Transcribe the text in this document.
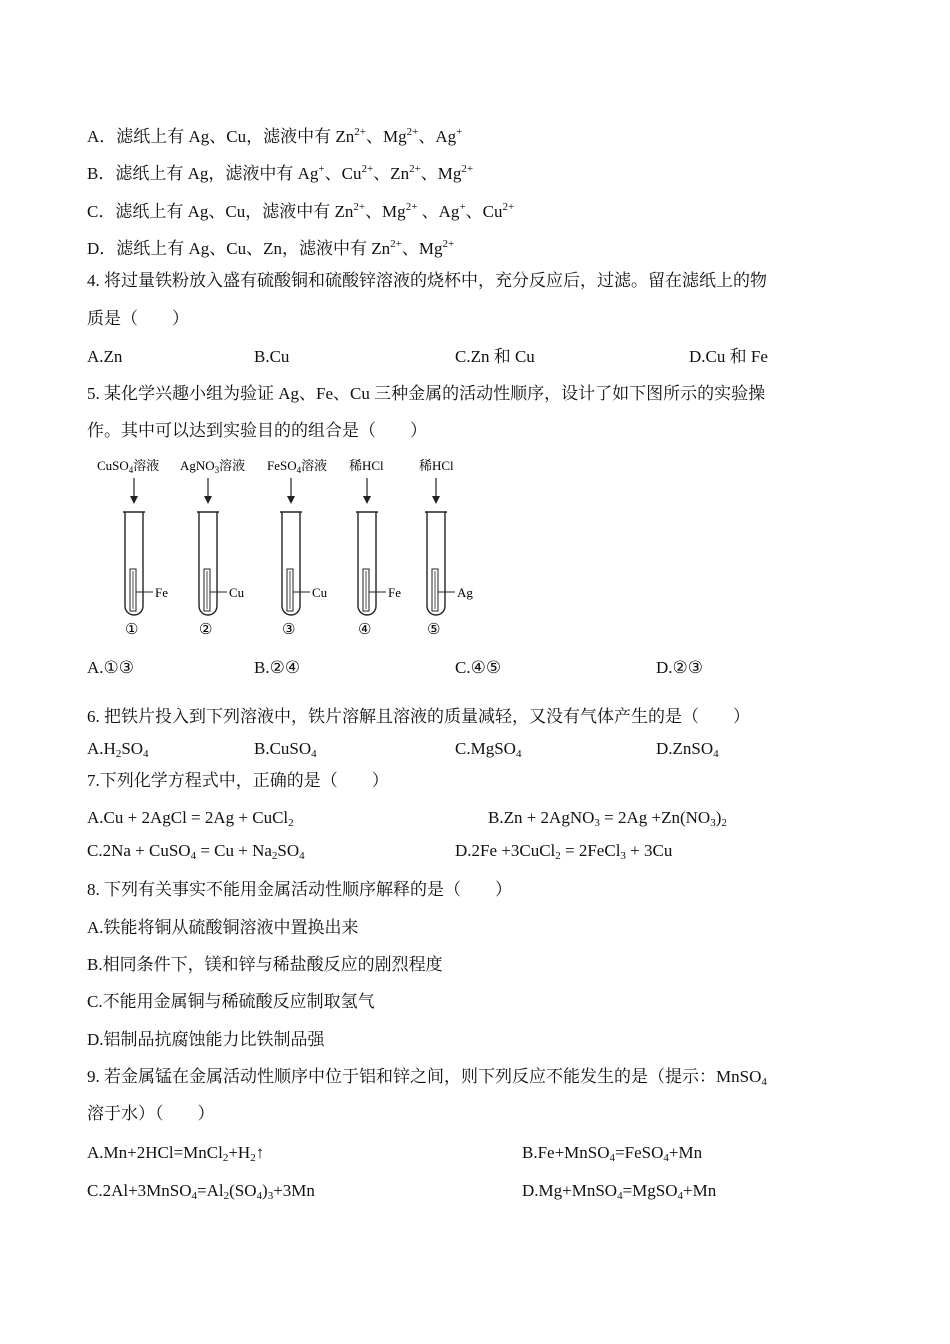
A．滤纸上有 Ag、Cu，滤液中有 $Zn^{2+}$、$Mg^{2+}$、Ag+
B．滤纸上有 Ag，滤液中有 Ag+、$Cu^{2+}$、$Zn^{2+}$、$Mg^{2+}$
C．滤纸上有 Ag、Cu，滤液中有 $Zn^{2+}$、$Mg^{2+}$ 、Ag+、$Cu^{2+}$
D．滤纸上有 Ag、Cu、Zn，滤液中有 $Zn^{2+}$、$Mg^{2+}$
4. 将过量铁粉放入盛有硫酸铜和硫酸锌溶液的烧杯中，充分反应后，过滤。留在滤纸上的物
质是（　　）
A.Zn	B.Cu	C.Zn 和 Cu	D.Cu 和 Fe
5. 某化学兴趣小组为验证 Ag、Fe、Cu 三种金属的活动性顺序，设计了如下图所示的实验操
作。其中可以达到实验目的的组合是（　　）
CuSO$_4$溶液
Fe
①
AgNO$_3$溶液
Cu
②
FeSO$_4$溶液
Cu
③
稀HCl
Fe
④
稀HCl
Ag
⑤
A.①③	B.②④	C.④⑤	D.②③
6. 把铁片投入到下列溶液中，铁片溶解且溶液的质量减轻，又没有气体产生的是（　　）
$A.H_2SO_4$	B.CuSO$_4$	C.MgSO$_4$	D.ZnSO$_4$
7.下列化学方程式中，正确的是（　　）
A.Cu + 2AgCl = 2Ag + CuCl$_2$	B.Zn + 2AgNO$_3$ = $2Ag +Zn(NO_3)_2$
C.2Na + CuSO$_4$ = $Cu + Na_2SO_4$	D.2Fe +3CuCl$_2$ = 2FeCl$_3$ + 3Cu
8. 下列有关事实不能用金属活动性顺序解释的是（　　）
A.铁能将铜从硫酸铜溶液中置换出来
B.相同条件下，镁和锌与稀盐酸反应的剧烈程度
C.不能用金属铜与稀硫酸反应制取氢气
D.铝制品抗腐蚀能力比铁制品强
9. 若金属锰在金属活动性顺序中位于铝和锌之间，则下列反应不能发生的是（提示：MnSO$_4$
溶于水）（　　）
$A.Mn+2HCl=MnCl_2+H_2↑$	B.Fe+MnSO$_4$=FeSO$_4$+Mn
$C.2Al+3MnSO_4=Al_2(SO_4)_3+3Mn$	D.Mg+MnSO$_4$=MgSO$_4$+Mn
